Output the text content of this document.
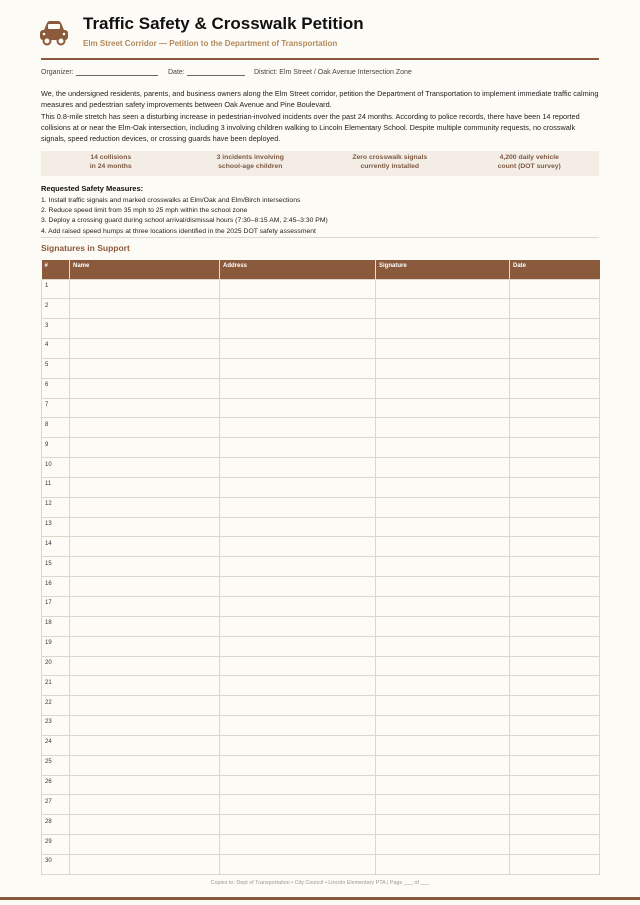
Traffic Safety & Crosswalk Petition
Elm Street Corridor — Petition to the Department of Transportation
Organizer:	Date:	District: Elm Street / Oak Avenue Intersection Zone
We, the undersigned residents, parents, and business owners along the Elm Street corridor, petition the Department of Transportation to implement immediate traffic calming measures and pedestrian safety improvements between Oak Avenue and Pine Boulevard.
This 0.8-mile stretch has seen a disturbing increase in pedestrian-involved incidents over the past 24 months. According to police records, there have been 14 reported collisions at or near the Elm-Oak intersection, including 3 involving children walking to Lincoln Elementary School. Despite multiple community requests, no crosswalk signals, speed reduction devices, or crossing guards have been deployed.
14 collisions
in 24 months
3 incidents involving
school-age children
Zero crosswalk signals
currently installed
4,200 daily vehicle
count (DOT survey)
Requested Safety Measures:
1. Install traffic signals and marked crosswalks at Elm/Oak and Elm/Birch intersections
2. Reduce speed limit from 35 mph to 25 mph within the school zone
3. Deploy a crossing guard during school arrival/dismissal hours (7:30–8:15 AM, 2:45–3:30 PM)
4. Add raised speed humps at three locations identified in the 2025 DOT safety assessment
Signatures in Support
#	Name	Address	Signature	Date
1				
2				
3				
4				
5				
6				
7				
8				
9				
10				
11				
12				
13				
14				
15				
16				
17				
18				
19				
20				
21				
22				
23				
24				
25				
26				
27				
28				
29				
30				
Copies to: Dept of Transportation • City Council • Lincoln Elementary PTA | Page ___ of ___
